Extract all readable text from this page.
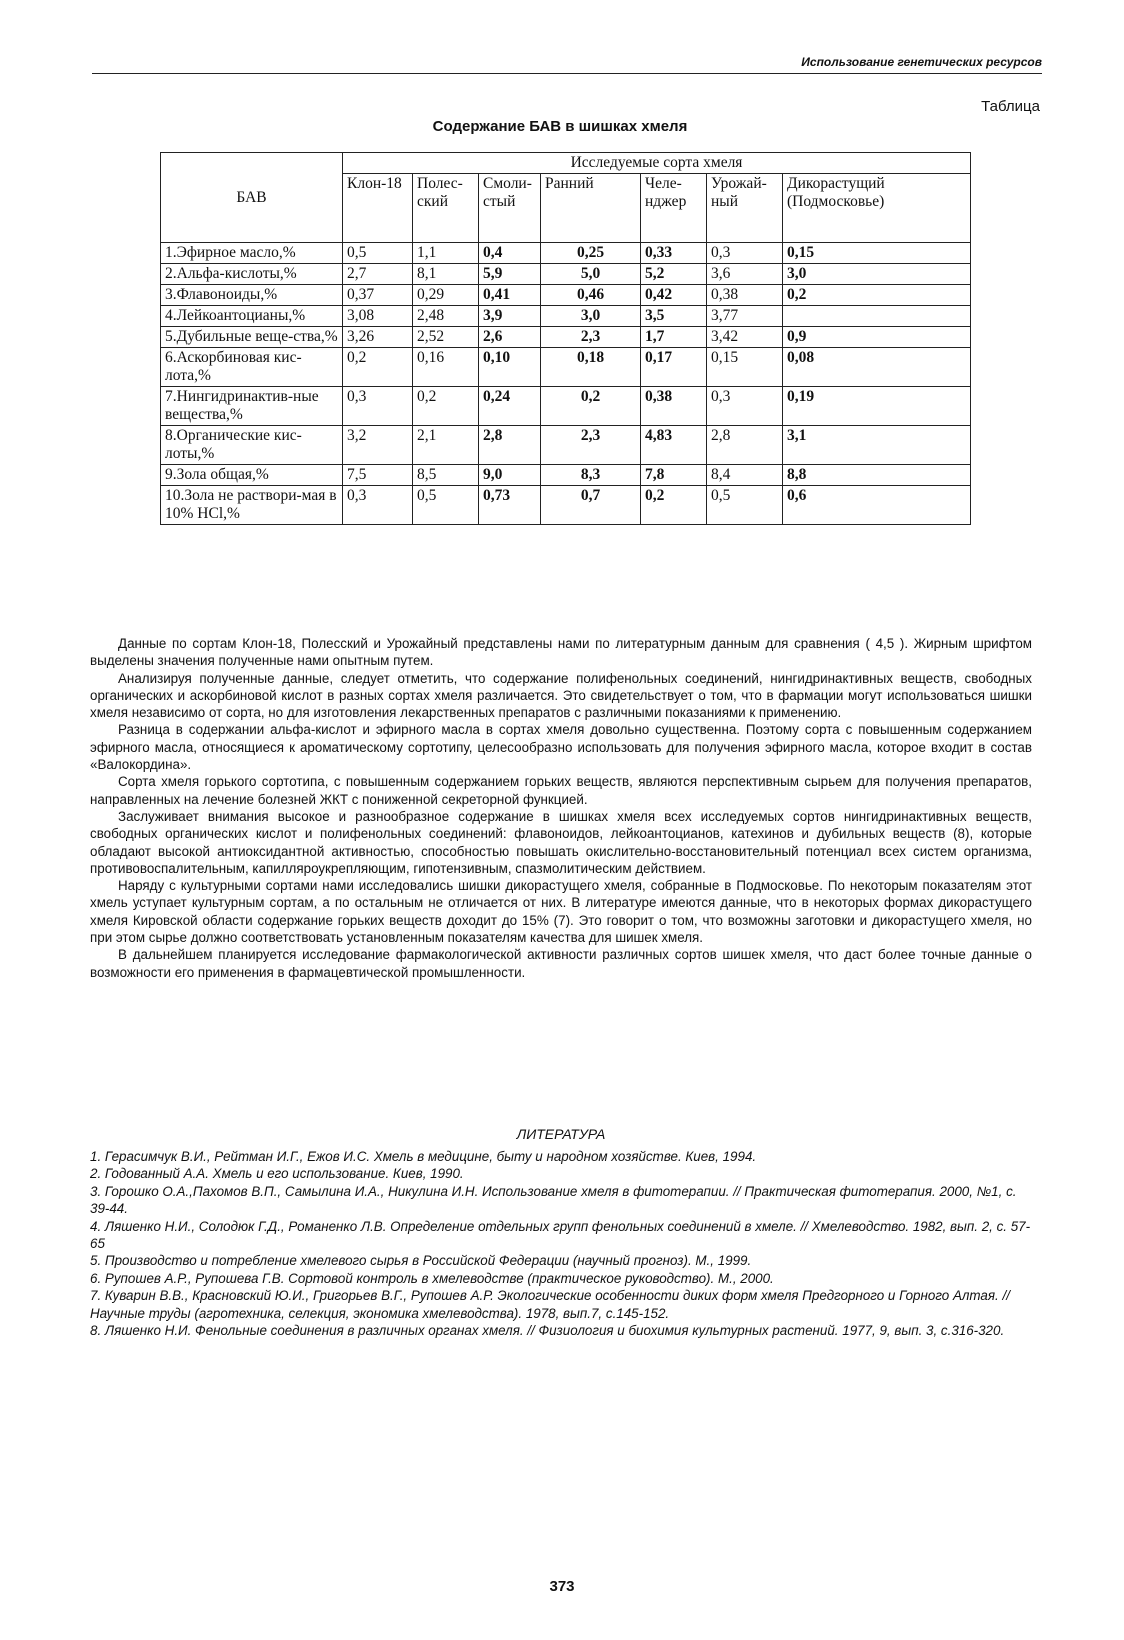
Использование генетических ресурсов
Таблица
Содержание БАВ в шишках хмеля
БАВ	Исследуемые сорта хмеля						
	Клон-18	Полес-ский	Смоли-стый	Ранний	Челе-нджер	Урожай-ный	Дикорастущий (Подмосковье)
1.Эфирное масло,%	0,5	1,1	0,4	0,25	0,33	0,3	0,15
2.Альфа-кислоты,%	2,7	8,1	5,9	5,0	5,2	3,6	3,0
3.Флавоноиды,%	0,37	0,29	0,41	0,46	0,42	0,38	0,2
4.Лейкоантоцианы,%	3,08	2,48	3,9	3,0	3,5	3,77	
5.Дубильные веще-ства,%	3,26	2,52	2,6	2,3	1,7	3,42	0,9
6.Аскорбиновая кис-лота,%	0,2	0,16	0,10	0,18	0,17	0,15	0,08
7.Нингидринактив-ные вещества,%	0,3	0,2	0,24	0,2	0,38	0,3	0,19
8.Органические кис-лоты,%	3,2	2,1	2,8	2,3	4,83	2,8	3,1
9.Зола общая,%	7,5	8,5	9,0	8,3	7,8	8,4	8,8
10.Зола не раствори-мая в 10% HCl,%	0,3	0,5	0,73	0,7	0,2	0,5	0,6

Данные по сортам Клон-18, Полесский и Урожайный представлены нами по литературным данным для сравнения ( 4,5 ). Жирным шрифтом выделены значения полученные нами опытным путем.

Анализируя полученные данные, следует отметить, что содержание полифенольных соединений, нингидринактивных веществ, свободных органических и аскорбиновой кислот в разных сортах хмеля различается. Это свидетельствует о том, что в фармации могут использоваться шишки хмеля независимо от сорта, но для изготовления лекарственных препаратов с различными показаниями к применению.

Разница в содержании альфа-кислот и эфирного масла в сортах хмеля довольно существенна. Поэтому сорта с повышенным содержанием эфирного масла, относящиеся к ароматическому сортотипу, целесообразно использовать для получения эфирного масла, которое входит в состав «Валокордина».

Сорта хмеля горького сортотипа, с повышенным содержанием горьких веществ, являются перспективным сырьем для получения препаратов, направленных на лечение болезней ЖКТ с пониженной секреторной функцией.

Заслуживает внимания высокое и разнообразное содержание в шишках хмеля всех исследуемых сортов нингидринактивных веществ, свободных органических кислот и полифенольных соединений: флавоноидов, лейкоантоцианов, катехинов и дубильных веществ (8), которые обладают высокой антиоксидантной активностью, способностью повышать окислительно-восстановительный потенциал всех систем организма, противовоспалительным, капилляроукрепляющим, гипотензивным, спазмолитическим действием.

Наряду с культурными сортами нами исследовались шишки дикорастущего хмеля, собранные в Подмосковье. По некоторым показателям этот хмель уступает культурным сортам, а по остальным не отличается от них. В литературе имеются данные, что в некоторых формах дикорастущего хмеля Кировской области содержание горьких веществ доходит до 15% (7). Это говорит о том, что возможны заготовки и дикорастущего хмеля, но при этом сырье должно соответствовать установленным показателям качества для шишек хмеля.

В дальнейшем планируется исследование фармакологической активности различных сортов шишек хмеля, что даст более точные данные о возможности его применения в фармацевтической промышленности.

ЛИТЕРАТУРА

1. Герасимчук В.И., Рейтман И.Г., Ежов И.С. Хмель в медицине, быту и народном хозяйстве. Киев, 1994.

2. Годованный А.А. Хмель и его использование. Киев, 1990.

3. Горошко О.А.,Пахомов В.П., Самылина И.А., Никулина И.Н. Использование хмеля в фитотерапии. // Практическая фитотерапия. 2000, №1, с. 39-44.

4. Ляшенко Н.И., Солодюк Г.Д., Романенко Л.В. Определение отдельных групп фенольных соединений в хмеле. // Хмелеводство. 1982, вып. 2, с. 57-65

5. Производство и потребление хмелевого сырья в Российской Федерации (научный прогноз). М., 1999.

6. Рупошев А.Р., Рупошева Г.В. Сортовой контроль в хмелеводстве (практическое руководство). М., 2000.

7. Куварин В.В., Красновский Ю.И., Григорьев В.Г., Рупошев А.Р. Экологические особенности диких форм хмеля Предгорного и Горного Алтая. // Научные труды (агротехника, селекция, экономика хмелеводства). 1978, вып.7, с.145-152.

8. Ляшенко Н.И. Фенольные соединения в различных органах хмеля. // Физиология и биохимия культурных растений. 1977, 9, вып. 3, с.316-320.

373
